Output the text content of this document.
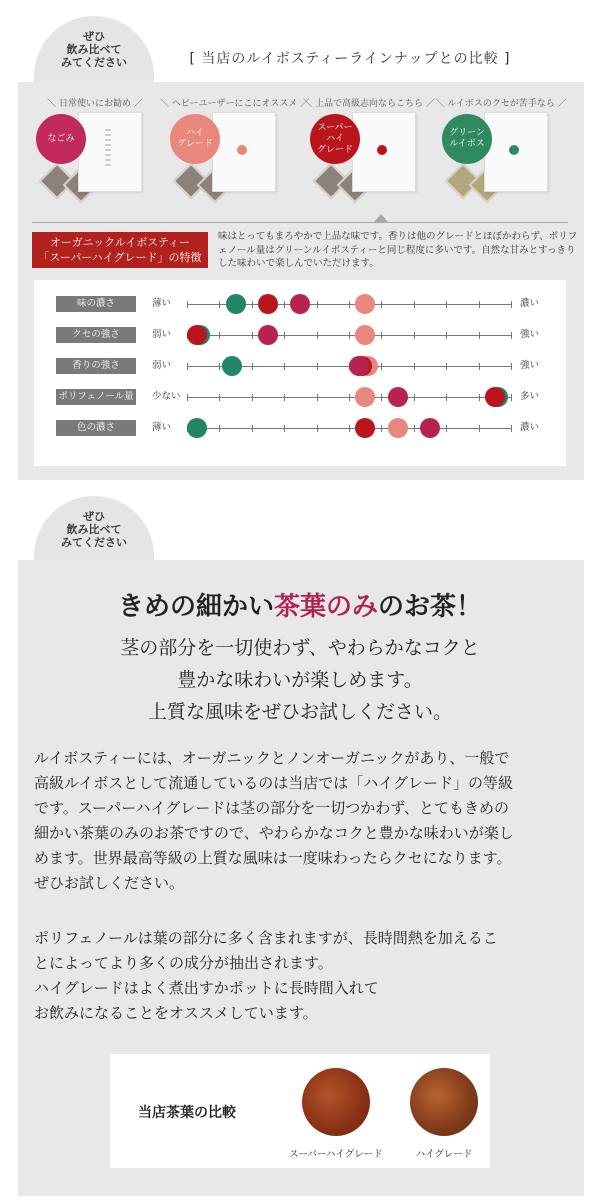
ぜひ
飲み比べて
みてください	[ 当店のルイボスティーラインナップとの比較 ]
＼ 日常使いにお勧め ／
なごみ
＼ ヘビーユーザーにこにオススメ ／
ハイ
グレード
＼ 上品で高級志向ならこちら ／
スーパー
ハイ
グレード
＼ ルイボスのクセが苦手なら ／
グリーン
ルイボス
オーガニックルイボスティー
「スーパーハイグレード」の特徴
味はとってもまろやかで上品な味です。香りは他のグレードとほぼかわらず、ポリフェノール量はグリーンルイボスティーと同じ程度に多いです。自然な甘みとすっきりした味わいで楽しんでいただけます。
味の濃さ	薄い	濃い
クセの強さ	弱い	強い
香りの強さ	弱い	強い
ポリフェノール量 少ない	多い
色の濃さ	薄い	濃い
ぜひ
飲み比べて
みてください
きめの細かい茶葉のみのお茶！
茎の部分を一切使わず、やわらかなコクと
豊かな味わいが楽しめます。
上質な風味をぜひお試しください。
ルイボスティーには、オーガニックとノンオーガニックがあり、一般で
高級ルイボスとして流通しているのは当店では「ハイグレード」の等級
です。スーパーハイグレードは茎の部分を一切つかわず、とてもきめの
細かい茶葉のみのお茶ですので、やわらかなコクと豊かな味わいが楽し
めます。世界最高等級の上質な風味は一度味わったらクセになります。
ぜひお試しください。
ポリフェノールは葉の部分に多く含まれますが、長時間熱を加えるこ
とによってより多くの成分が抽出されます。
ハイグレードはよく煮出すかポットに長時間入れて
お飲みになることをオススメしています。
当店茶葉の比較
スーパーハイグレード	ハイグレード
